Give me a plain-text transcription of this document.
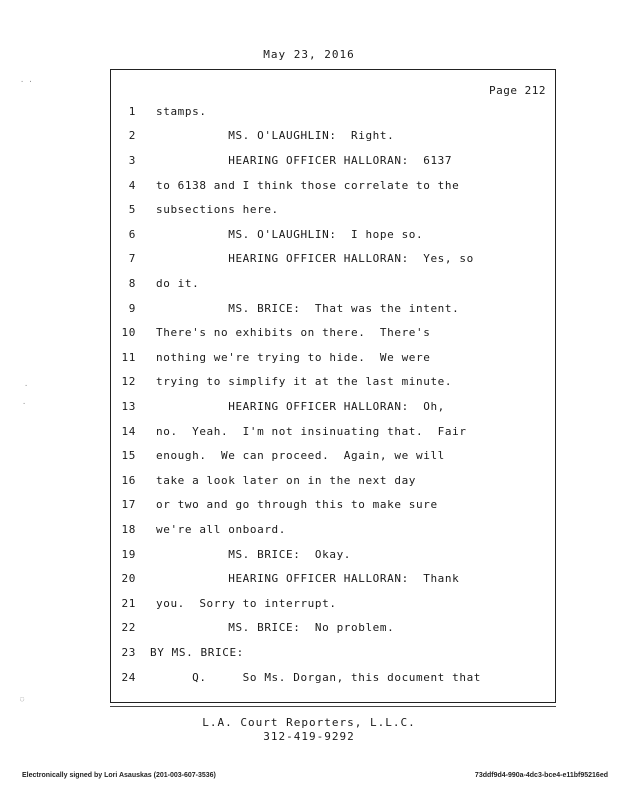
May 23, 2016
Page 212
1 stamps.
2 MS. O'LAUGHLIN:  Right.
3 HEARING OFFICER HALLORAN:  6137
4 to 6138 and I think those correlate to the
5 subsections here.
6 MS. O'LAUGHLIN:  I hope so.
7 HEARING OFFICER HALLORAN:  Yes, so
8 do it.
9 MS. BRICE:  That was the intent.
10 There's no exhibits on there.  There's
11 nothing we're trying to hide.  We were
12 trying to simplify it at the last minute.
13 HEARING OFFICER HALLORAN:  Oh,
14 no.  Yeah.  I'm not insinuating that.  Fair
15 enough.  We can proceed.  Again, we will
16 take a look later on in the next day
17 or two and go through this to make sure
18 we're all onboard.
19 MS. BRICE:  Okay.
20 HEARING OFFICER HALLORAN:  Thank
21 you.  Sorry to interrupt.
22 MS. BRICE:  No problem.
23 BY MS. BRICE:
24 Q.     So Ms. Dorgan, this document that
L.A. Court Reporters, L.L.C.
312-419-9292
Electronically signed by Lori Asauskas (201-003-607-3536)	73ddf9d4-990a-4dc3-bce4-e11bf95216ed
· ·
·
·
◌
